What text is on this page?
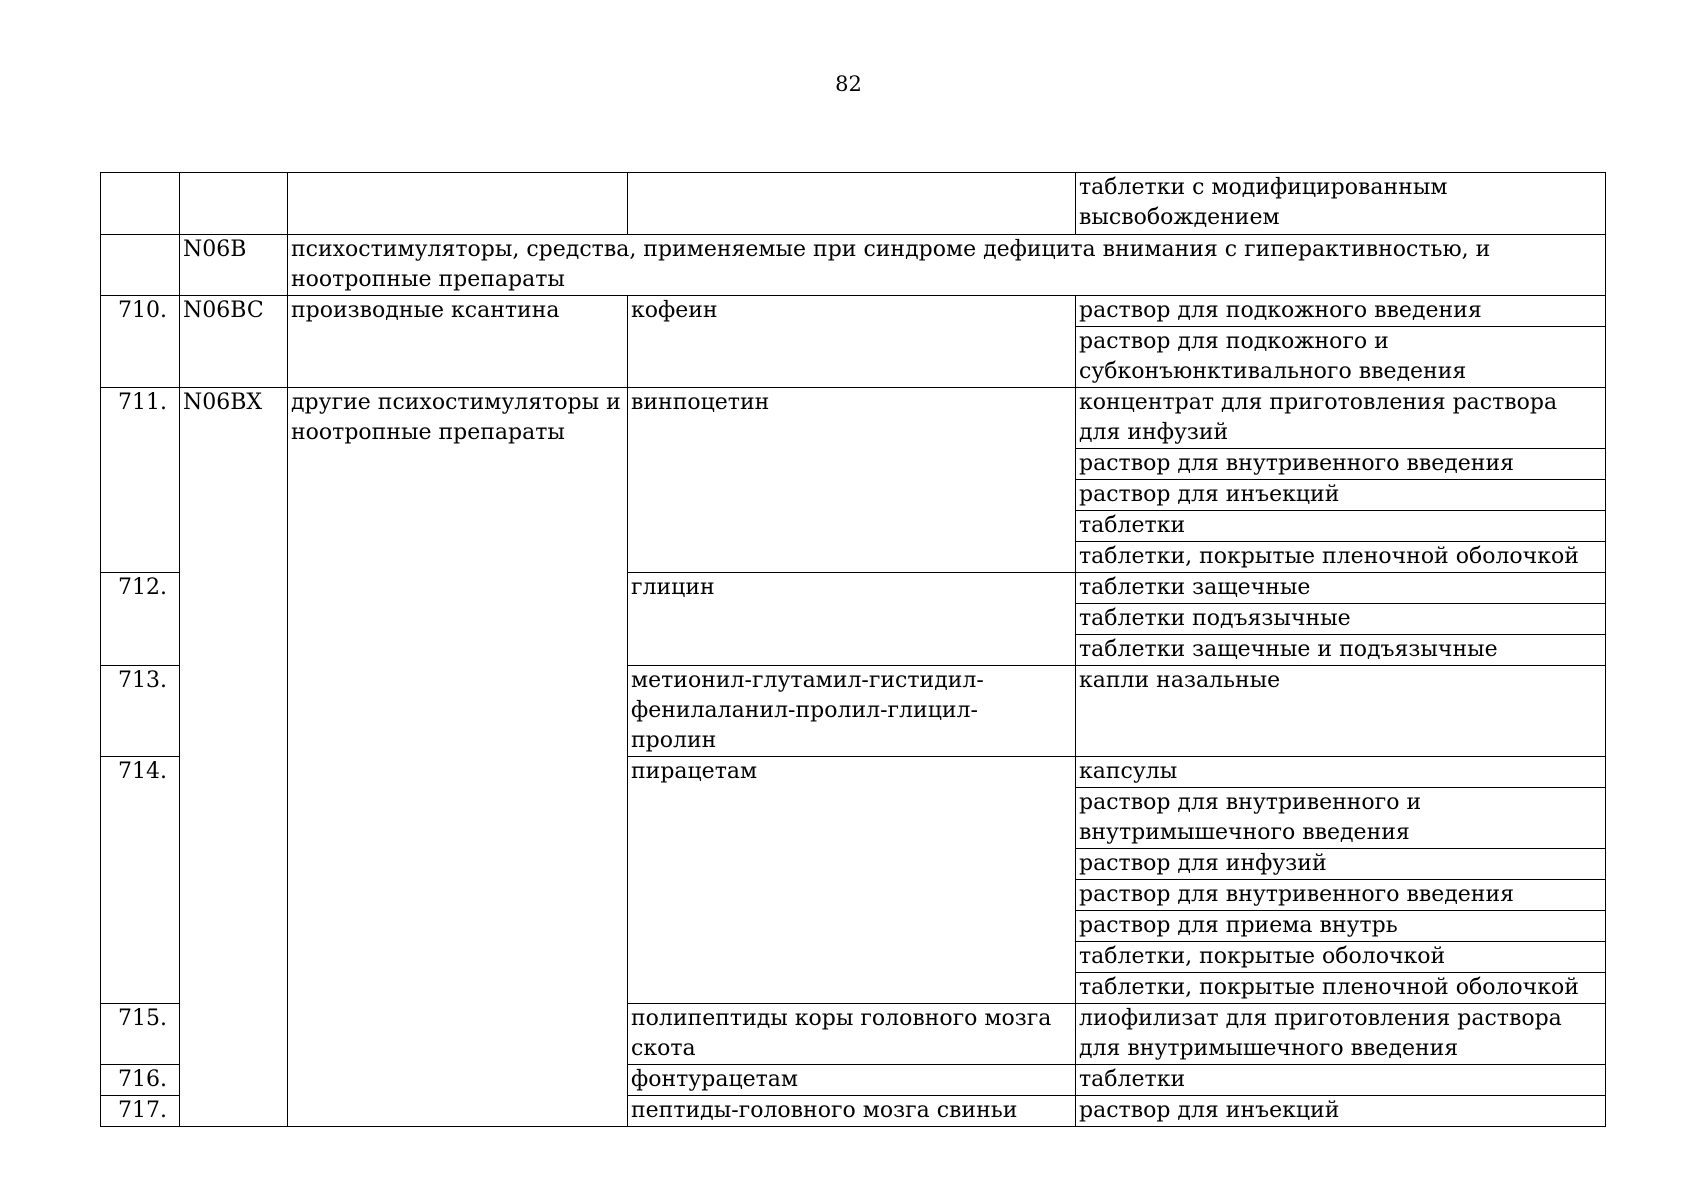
82
				таблетки с модифицированным
высвобождением
	N06B	психостимуляторы, средства, применяемые при синдроме дефицита внимания с гиперактивностью, и ноотропные препараты		
710.	N06BC	производные ксантина	кофеин	раствор для подкожного введения
				раствор для подкожного и субконъюнктивального введения
711.	N06BX	другие психостимуляторы и ноотропные препараты	винпоцетин	концентрат для приготовления раствора для инфузий
				раствор для внутривенного введения
				раствор для инъекций
				таблетки
				таблетки, покрытые пленочной оболочкой
712.			глицин	таблетки защечные
				таблетки подъязычные
				таблетки защечные и подъязычные
713.			метионил-глутамил-гистидил-фенилаланил-пролил-глицил-пролин	капли назальные
714.			пирацетам	капсулы
				раствор для внутривенного и внутримышечного введения
				раствор для инфузий
				раствор для внутривенного введения
				раствор для приема внутрь
				таблетки, покрытые оболочкой
				таблетки, покрытые пленочной оболочкой
715.			полипептиды коры головного мозга скота	лиофилизат для приготовления раствора для внутримышечного введения
716.			фонтурацетам	таблетки
717.			пептиды-головного мозга свиньи	раствор для инъекций
